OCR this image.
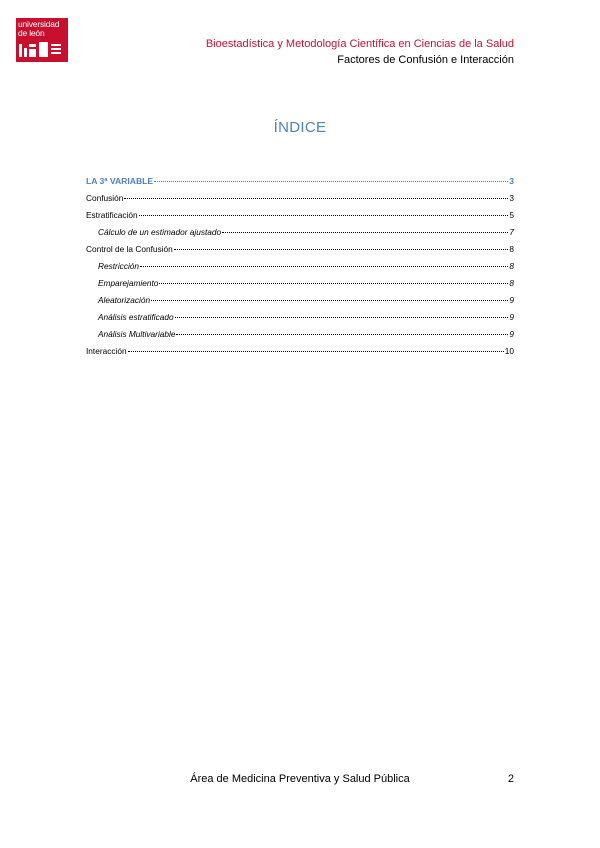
universidad
de león
Bioestadística y Metodología Científica en Ciencias de la Salud
Factores de Confusión e Interacción
ÍNDICE
LA 3ª VARIABLE	3
Confusión	3
Estratificación	5
Cálculo de un estimador ajustado	7
Control de la Confusión	8
Restricción	8
Emparejamiento	8
Aleatorización	9
Análisis estratificado	9
Análisis Multivariable	9
Interacción	10
Área de Medicina Preventiva y Salud Pública	2
